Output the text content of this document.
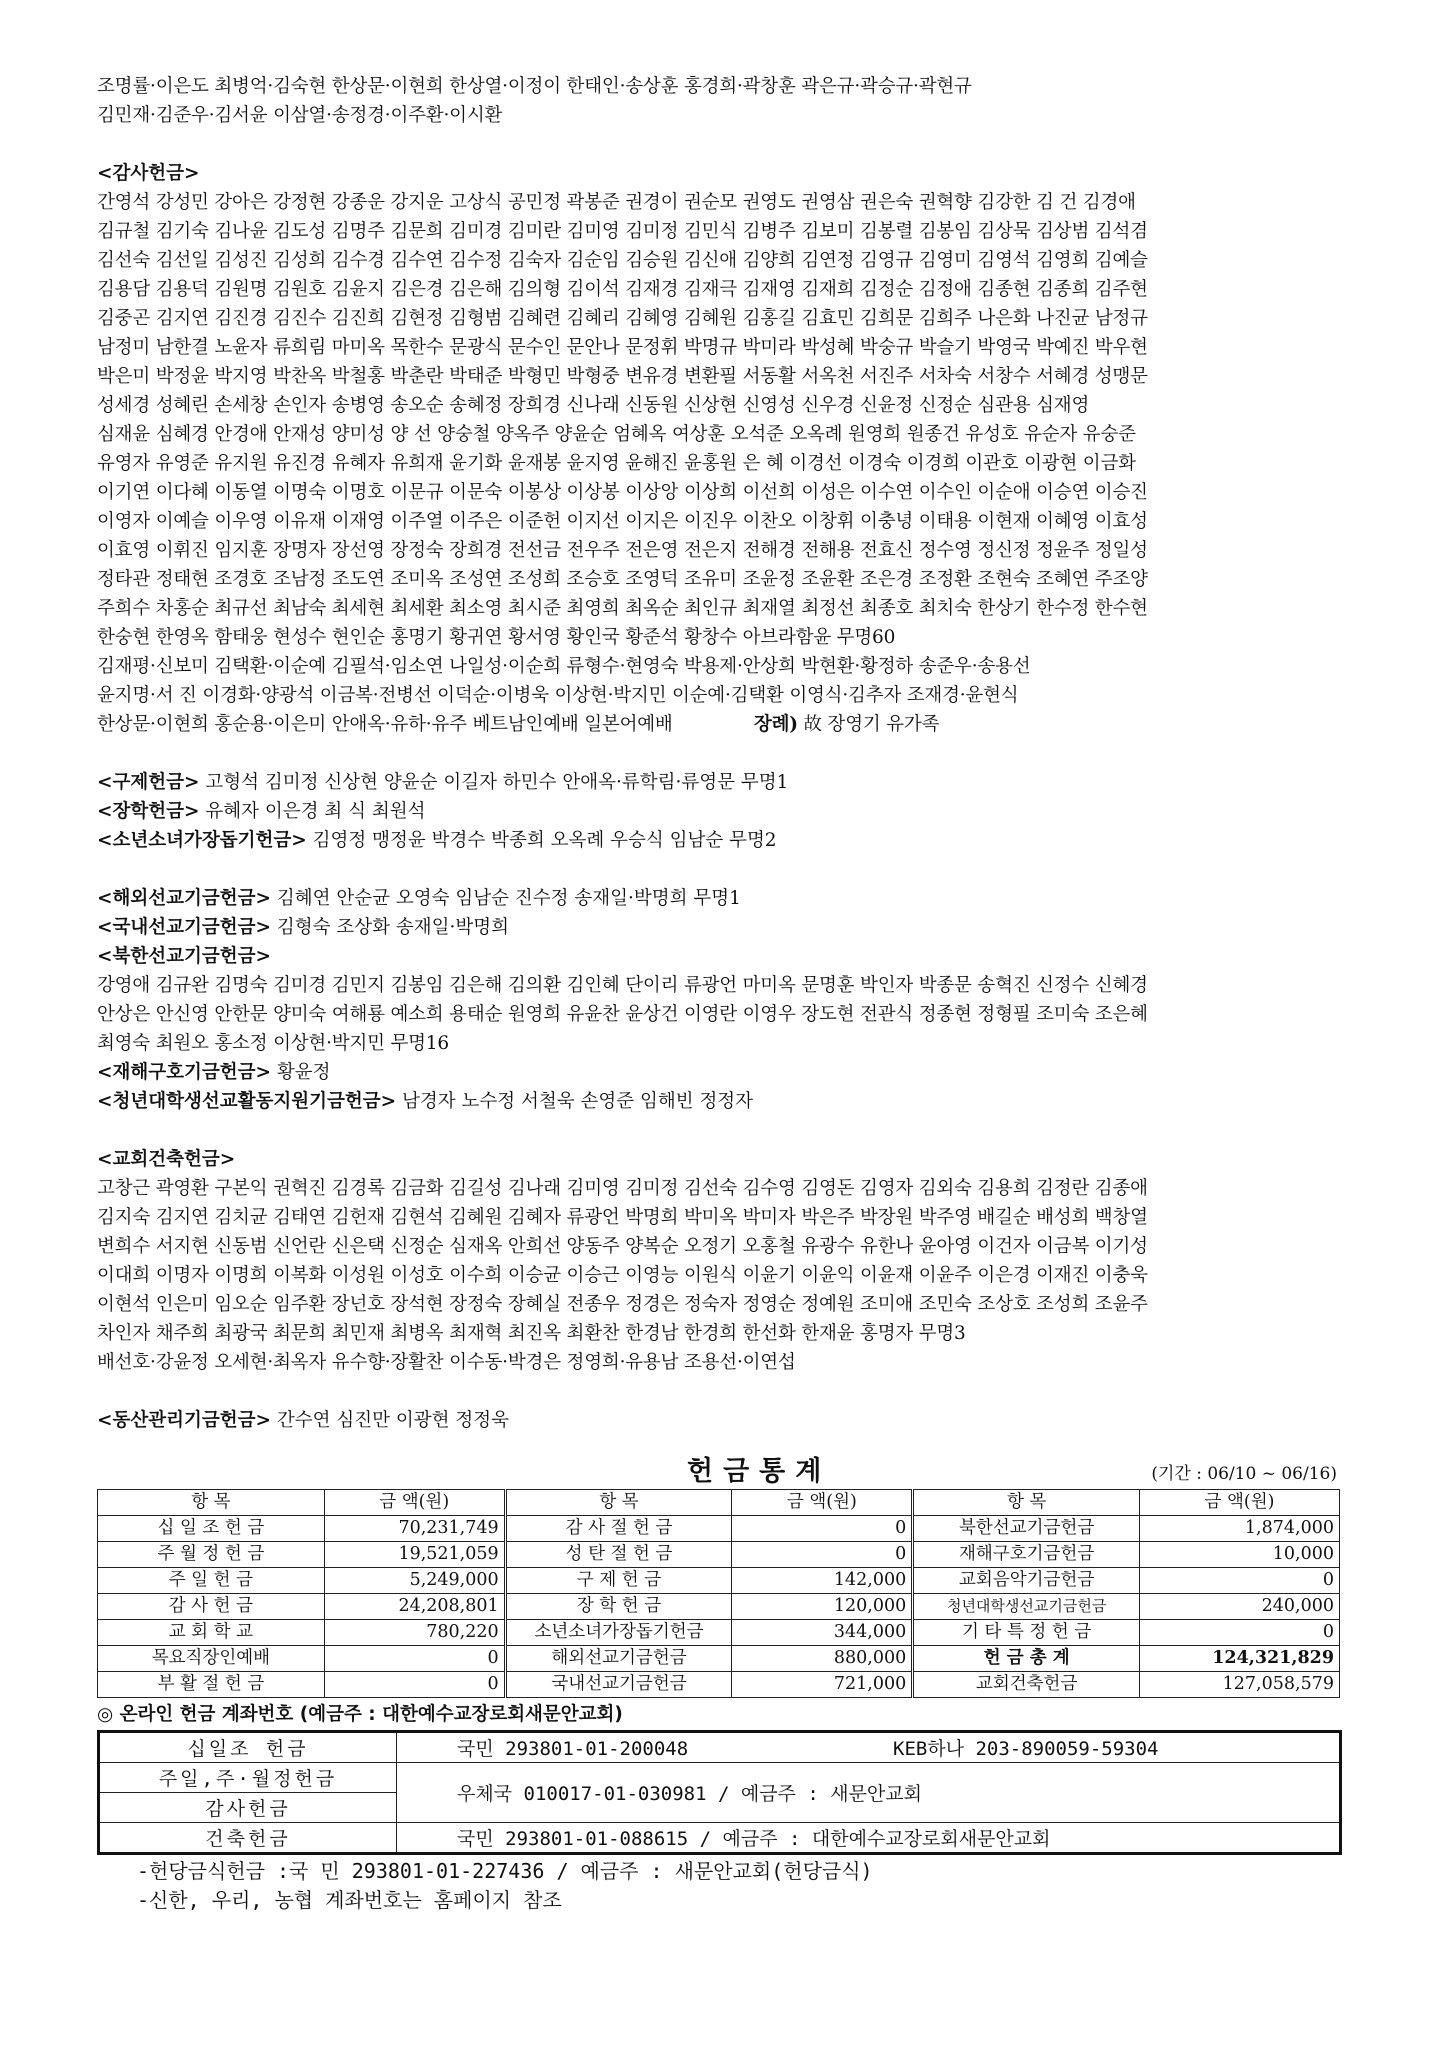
조명률·이은도 최병억·김숙현 한상문·이현희 한상열·이정이 한태인·송상훈 홍경희·곽창훈 곽은규·곽승규·곽현규
김민재·김준우·김서윤 이삼열·송정경·이주환·이시환
<감사헌금>
간영석 강성민 강아은 강정현 강종운 강지운 고상식 공민정 곽봉준 권경이 권순모 권영도 권영삼 권은숙 권혁향 김강한 김 건 김경애
김규철 김기숙 김나윤 김도성 김명주 김문희 김미경 김미란 김미영 김미정 김민식 김병주 김보미 김봉렬 김봉임 김상묵 김상범 김석겸
김선숙 김선일 김성진 김성희 김수경 김수연 김수정 김숙자 김순임 김승원 김신애 김양희 김연정 김영규 김영미 김영석 김영희 김예슬
김용담 김용덕 김원명 김원호 김윤지 김은경 김은해 김의형 김이석 김재경 김재극 김재영 김재희 김정순 김정애 김종현 김종희 김주현
김중곤 김지연 김진경 김진수 김진희 김현정 김형범 김혜련 김혜리 김혜영 김혜원 김홍길 김효민 김희문 김희주 나은화 나진균 남정규
남정미 남한결 노윤자 류희림 마미옥 목한수 문광식 문수인 문안나 문정휘 박명규 박미라 박성혜 박숭규 박슬기 박영국 박예진 박우현
박은미 박정윤 박지영 박찬옥 박철홍 박춘란 박태준 박형민 박형중 변유경 변환필 서동활 서옥천 서진주 서차숙 서창수 서혜경 성맹문
성세경 성혜린 손세창 손인자 송병영 송오순 송혜정 장희경 신나래 신동원 신상현 신영성 신우경 신윤정 신정순 심관용 심재영
심재윤 심혜경 안경애 안재성 양미성 양 선 양숭철 양옥주 양윤순 엄혜옥 여상훈 오석준 오옥례 원영희 원종건 유성호 유순자 유숭준
유영자 유영준 유지원 유진경 유혜자 유희재 윤기화 윤재봉 윤지영 윤해진 윤홍원 은 혜 이경선 이경숙 이경희 이관호 이광현 이금화
이기연 이다혜 이동열 이명숙 이명호 이문규 이문숙 이봉상 이상봉 이상앙 이상희 이선희 이성은 이수연 이수인 이순애 이승연 이승진
이영자 이예슬 이우영 이유재 이재영 이주열 이주은 이준헌 이지선 이지은 이진우 이찬오 이창휘 이충녕 이태용 이현재 이혜영 이효성
이효영 이휘진 임지훈 장명자 장선영 장정숙 장희경 전선금 전우주 전은영 전은지 전해경 전해용 전효신 정수영 정신정 정윤주 정일성
정타관 정태현 조경호 조남정 조도연 조미옥 조성연 조성희 조승호 조영덕 조유미 조윤정 조윤환 조은경 조정환 조현숙 조혜연 주조양
주희수 차홍순 최규선 최남숙 최세현 최세환 최소영 최시준 최영희 최옥순 최인규 최재열 최정선 최종호 최치숙 한상기 한수정 한수현
한숭현 한영옥 함태웅 현성수 현인순 홍명기 황귀연 황서영 황인국 황준석 황창수 아브라함윤 무명60
김재평·신보미 김택환·이순예 김필석·임소연 나일성·이순희 류형수·현영숙 박용제·안상희 박현환·황정하 송준우·송용선
윤지명·서 진 이경화·양광석 이금복·전병선 이덕순·이병욱 이상현·박지민 이순예·김택환 이영식·김추자 조재경·윤현식
한상문·이현희 홍순용·이은미 안애옥·유하·유주 베트남인예배 일본어예배	장례) 故 장영기 유가족
<구제헌금> 고형석 김미정 신상현 양윤순 이길자 하민수 안애옥·류학림·류영문 무명1
<장학헌금> 유혜자 이은경 최 식 최원석
<소년소녀가장돕기헌금> 김영정 맹정윤 박경수 박종희 오옥례 우승식 임남순 무명2
<해외선교기금헌금> 김혜연 안순균 오영숙 임남순 진수정 송재일·박명희 무명1
<국내선교기금헌금> 김형숙 조상화 송재일·박명희
<북한선교기금헌금>
강영애 김규완 김명숙 김미경 김민지 김봉임 김은해 김의환 김인혜 단이리 류광언 마미옥 문명훈 박인자 박종문 송혁진 신정수 신혜경
안상은 안신영 안한문 양미숙 여해룡 예소희 용태순 원영희 유윤찬 윤상건 이영란 이영우 장도현 전관식 정종현 정형필 조미숙 조은혜
최영숙 최원오 홍소정 이상현·박지민 무명16
<재해구호기금헌금> 황윤정
<청년대학생선교활동지원기금헌금> 남경자 노수정 서철욱 손영준 임해빈 정정자
<교회건축헌금>
고창근 곽영환 구본익 권혁진 김경록 김금화 김길성 김나래 김미영 김미정 김선숙 김수영 김영돈 김영자 김외숙 김용희 김정란 김종애
김지숙 김지연 김치균 김태연 김헌재 김현석 김혜원 김혜자 류광언 박명희 박미옥 박미자 박은주 박장원 박주영 배길순 배성희 백창열
변희수 서지현 신동범 신언란 신은택 신정순 심재옥 안희선 양동주 양복순 오정기 오홍철 유광수 유한나 윤아영 이건자 이금복 이기성
이대희 이명자 이명희 이복화 이성원 이성호 이수희 이승균 이승근 이영능 이원식 이윤기 이윤익 이윤재 이윤주 이은경 이재진 이충욱
이현석 인은미 임오순 임주환 장넌호 장석현 장정숙 장혜실 전종우 정경은 정숙자 정영순 정예원 조미애 조민숙 조상호 조성희 조윤주
차인자 채주희 최광국 최문희 최민재 최병옥 최재혁 최진옥 최환찬 한경남 한경희 한선화 한재윤 홍명자 무명3
배선호·강윤정 오세현·최옥자 유수향·장활찬 이수동·박경은 정영희·유용남 조용선·이연섭
<동산관리기금헌금> 간수연 심진만 이광현 정정욱
헌금통계	(기간 : 06/10 ~ 06/16)
항 목	금 액(원)	항 목	금 액(원)	항 목	금 액(원)
십 일 조 헌 금	70,231,749	감 사 절 헌 금	0	북한선교기금헌금	1,874,000
주 월 정 헌 금	19,521,059	성 탄 절 헌 금	0	재해구호기금헌금	10,000
주 일 헌 금	5,249,000	구 제 헌 금	142,000	교회음악기금헌금	0
감 사 헌 금	24,208,801	장 학 헌 금	120,000	청년대학생선교기금헌금	240,000
교 회 학 교	780,220	소년소녀가장돕기헌금	344,000	기 타 특 정 헌 금	0
목요직장인예배	0	해외선교기금헌금	880,000	헌 금 총 계	124,321,829
부 활 절 헌 금	0	국내선교기금헌금	721,000	교회건축헌금	127,058,579
◎ 온라인 헌금 계좌번호 (예금주 : 대한예수교장로회새문안교회)
십일조 헌금	국민 293801-01-200048	KEB하나 203-890059-59304
주일,주·월정헌금	우체국 010017-01-030981 / 예금주 : 새문안교회	
감사헌금		
건축헌금	국민 293801-01-088615 / 예금주 : 대한예수교장로회새문안교회	
-헌당금식헌금 :국 민 293801-01-227436 / 예금주 : 새문안교회(헌당금식)
-신한, 우리, 농협 계좌번호는 홈페이지 참조
